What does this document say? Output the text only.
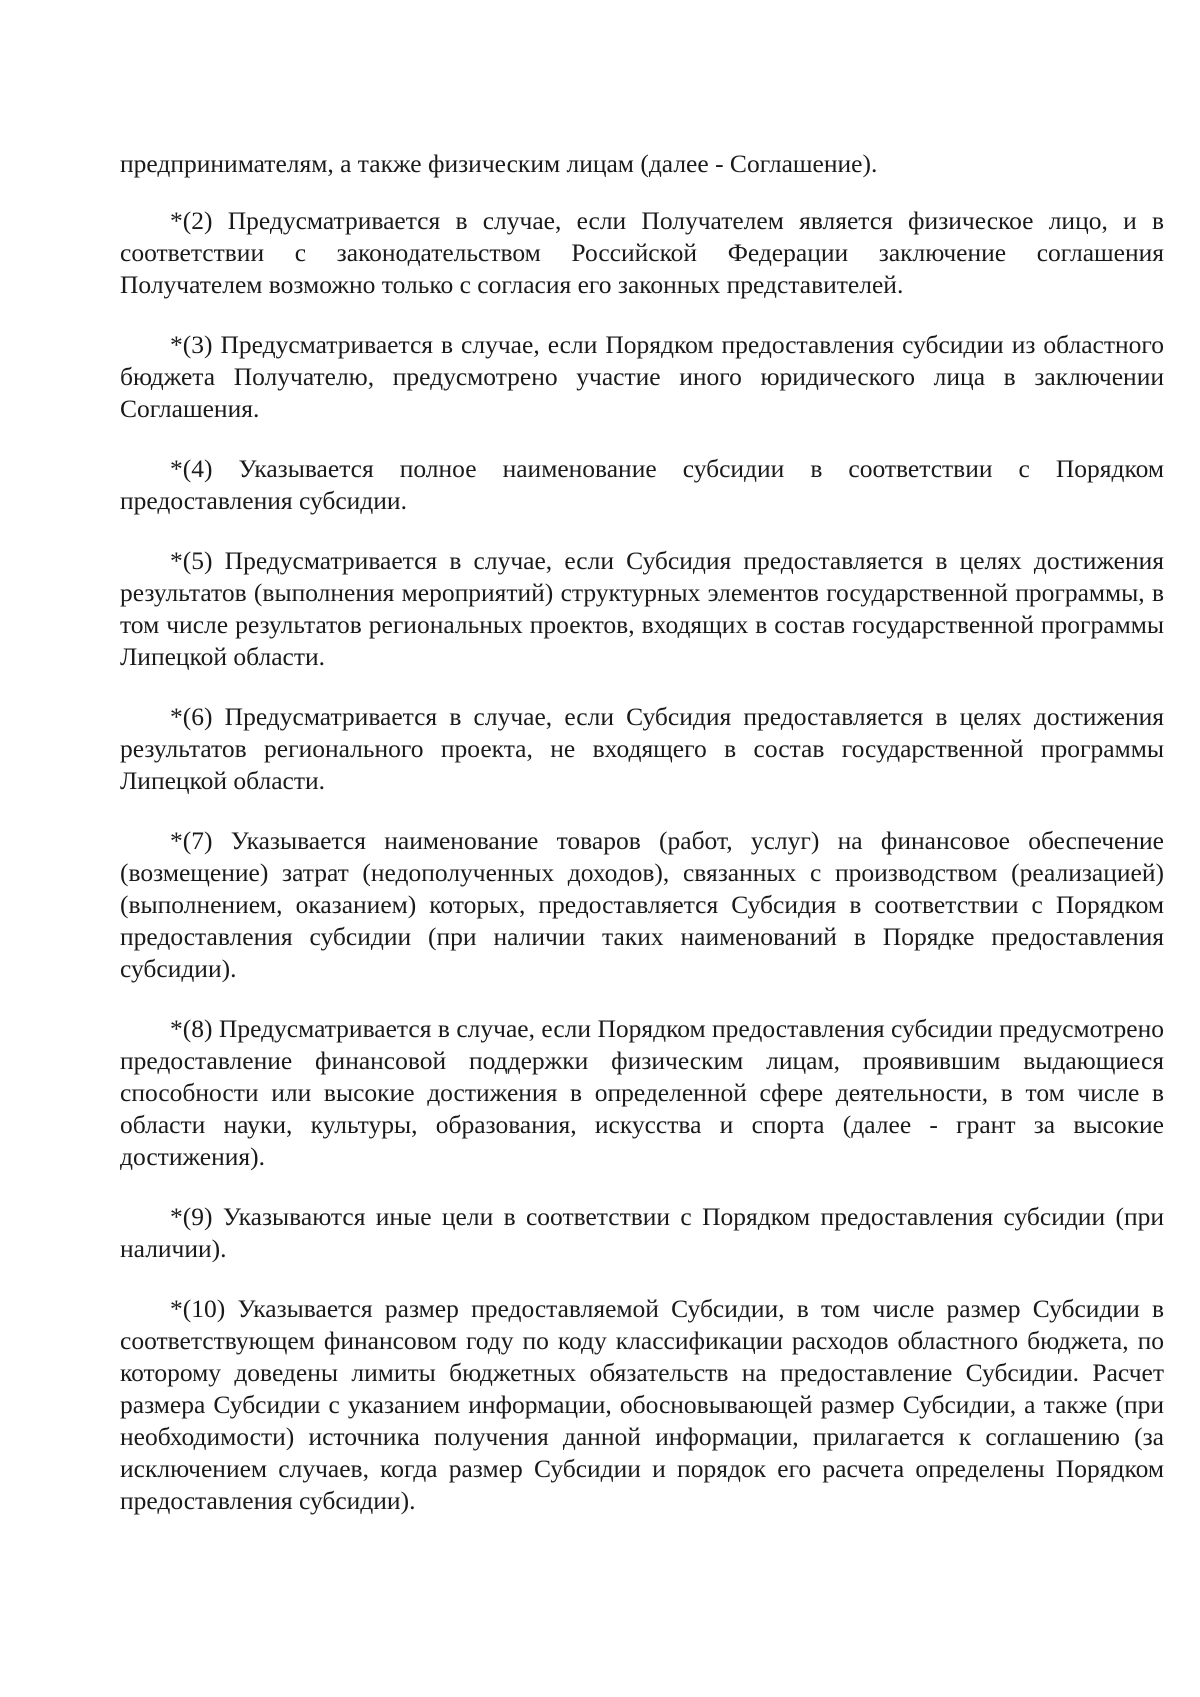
предпринимателям, а также физическим лицам (далее - Соглашение).

*(2) Предусматривается в случае, если Получателем является физическое лицо, и в соответствии с законодательством Российской Федерации заключение соглашения Получателем возможно только с согласия его законных представителей.

*(3) Предусматривается в случае, если Порядком предоставления субсидии из областного бюджета Получателю, предусмотрено участие иного юридического лица в заключении Соглашения.

*(4) Указывается полное наименование субсидии в соответствии с Порядком предоставления субсидии.

*(5) Предусматривается в случае, если Субсидия предоставляется в целях достижения результатов (выполнения мероприятий) структурных элементов государственной программы, в том числе результатов региональных проектов, входящих в состав государственной программы Липецкой области.

*(6) Предусматривается в случае, если Субсидия предоставляется в целях достижения результатов регионального проекта, не входящего в состав государственной программы Липецкой области.

*(7) Указывается наименование товаров (работ, услуг) на финансовое обеспечение (возмещение) затрат (недополученных доходов), связанных с производством (реализацией) (выполнением, оказанием) которых, предоставляется Субсидия в соответствии с Порядком предоставления субсидии (при наличии таких наименований в Порядке предоставления субсидии).

*(8) Предусматривается в случае, если Порядком предоставления субсидии предусмотрено предоставление финансовой поддержки физическим лицам, проявившим выдающиеся способности или высокие достижения в определенной сфере деятельности, в том числе в области науки, культуры, образования, искусства и спорта (далее - грант за высокие достижения).

*(9) Указываются иные цели в соответствии с Порядком предоставления субсидии (при наличии).

*(10) Указывается размер предоставляемой Субсидии, в том числе размер Субсидии в соответствующем финансовом году по коду классификации расходов областного бюджета, по которому доведены лимиты бюджетных обязательств на предоставление Субсидии. Расчет размера Субсидии с указанием информации, обосновывающей размер Субсидии, а также (при необходимости) источника получения данной информации, прилагается к соглашению (за исключением случаев, когда размер Субсидии и порядок его расчета определены Порядком предоставления субсидии).
